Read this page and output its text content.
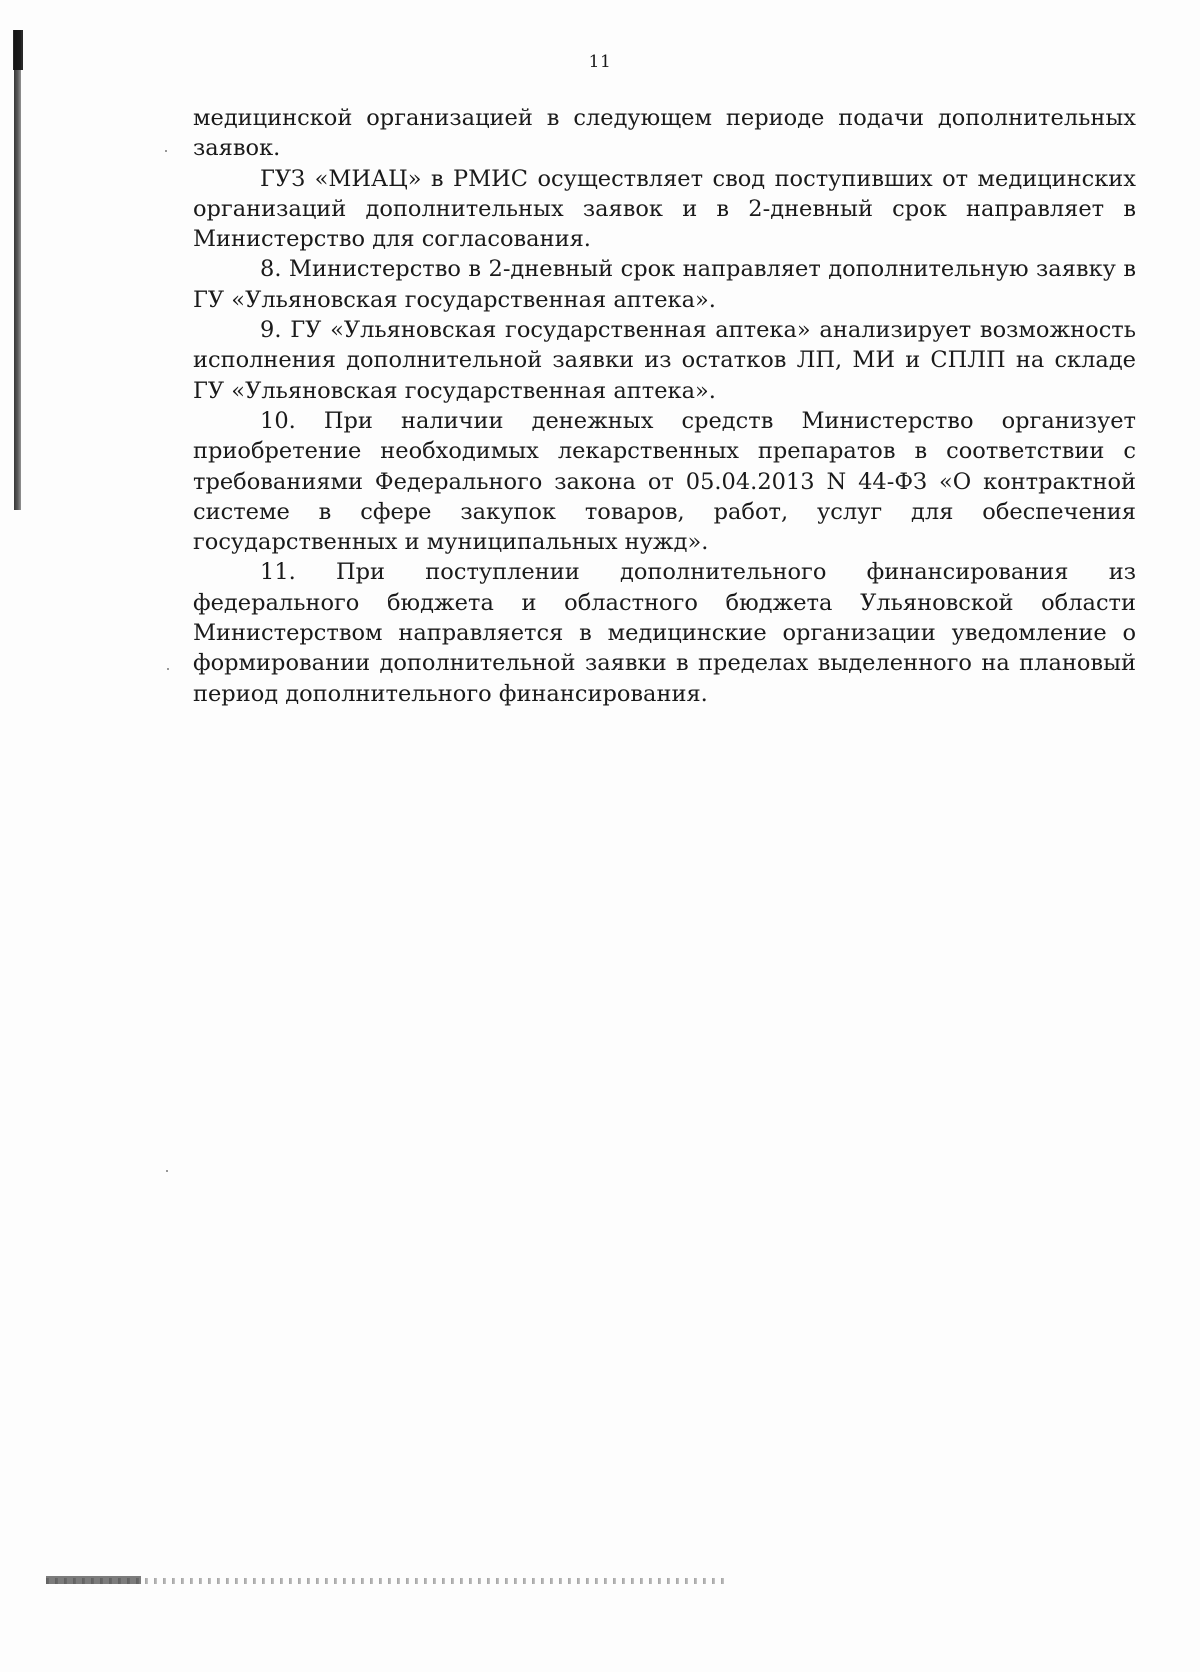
11

медицинской организацией в следующем периоде подачи дополнительных заявок.

ГУЗ «МИАЦ» в РМИС осуществляет свод поступивших от медицинских организаций дополнительных заявок и в 2-дневный срок направляет в Министерство для согласования.

8. Министерство в 2-дневный срок направляет дополнительную заявку в ГУ «Ульяновская государственная аптека».

9. ГУ «Ульяновская государственная аптека» анализирует возможность исполнения дополнительной заявки из остатков ЛП, МИ и СПЛП на складе ГУ «Ульяновская государственная аптека».

10. При наличии денежных средств Министерство организует приобретение необходимых лекарственных препаратов в соответствии с требованиями Федерального закона от 05.04.2013 N 44-ФЗ «О контрактной системе в сфере закупок товаров, работ, услуг для обеспечения государственных и муниципальных нужд».

11. При поступлении дополнительного финансирования из федерального бюджета и областного бюджета Ульяновской области Министерством направляется в медицинские организации уведомление о формировании дополнительной заявки в пределах выделенного на плановый период дополнительного финансирования.
